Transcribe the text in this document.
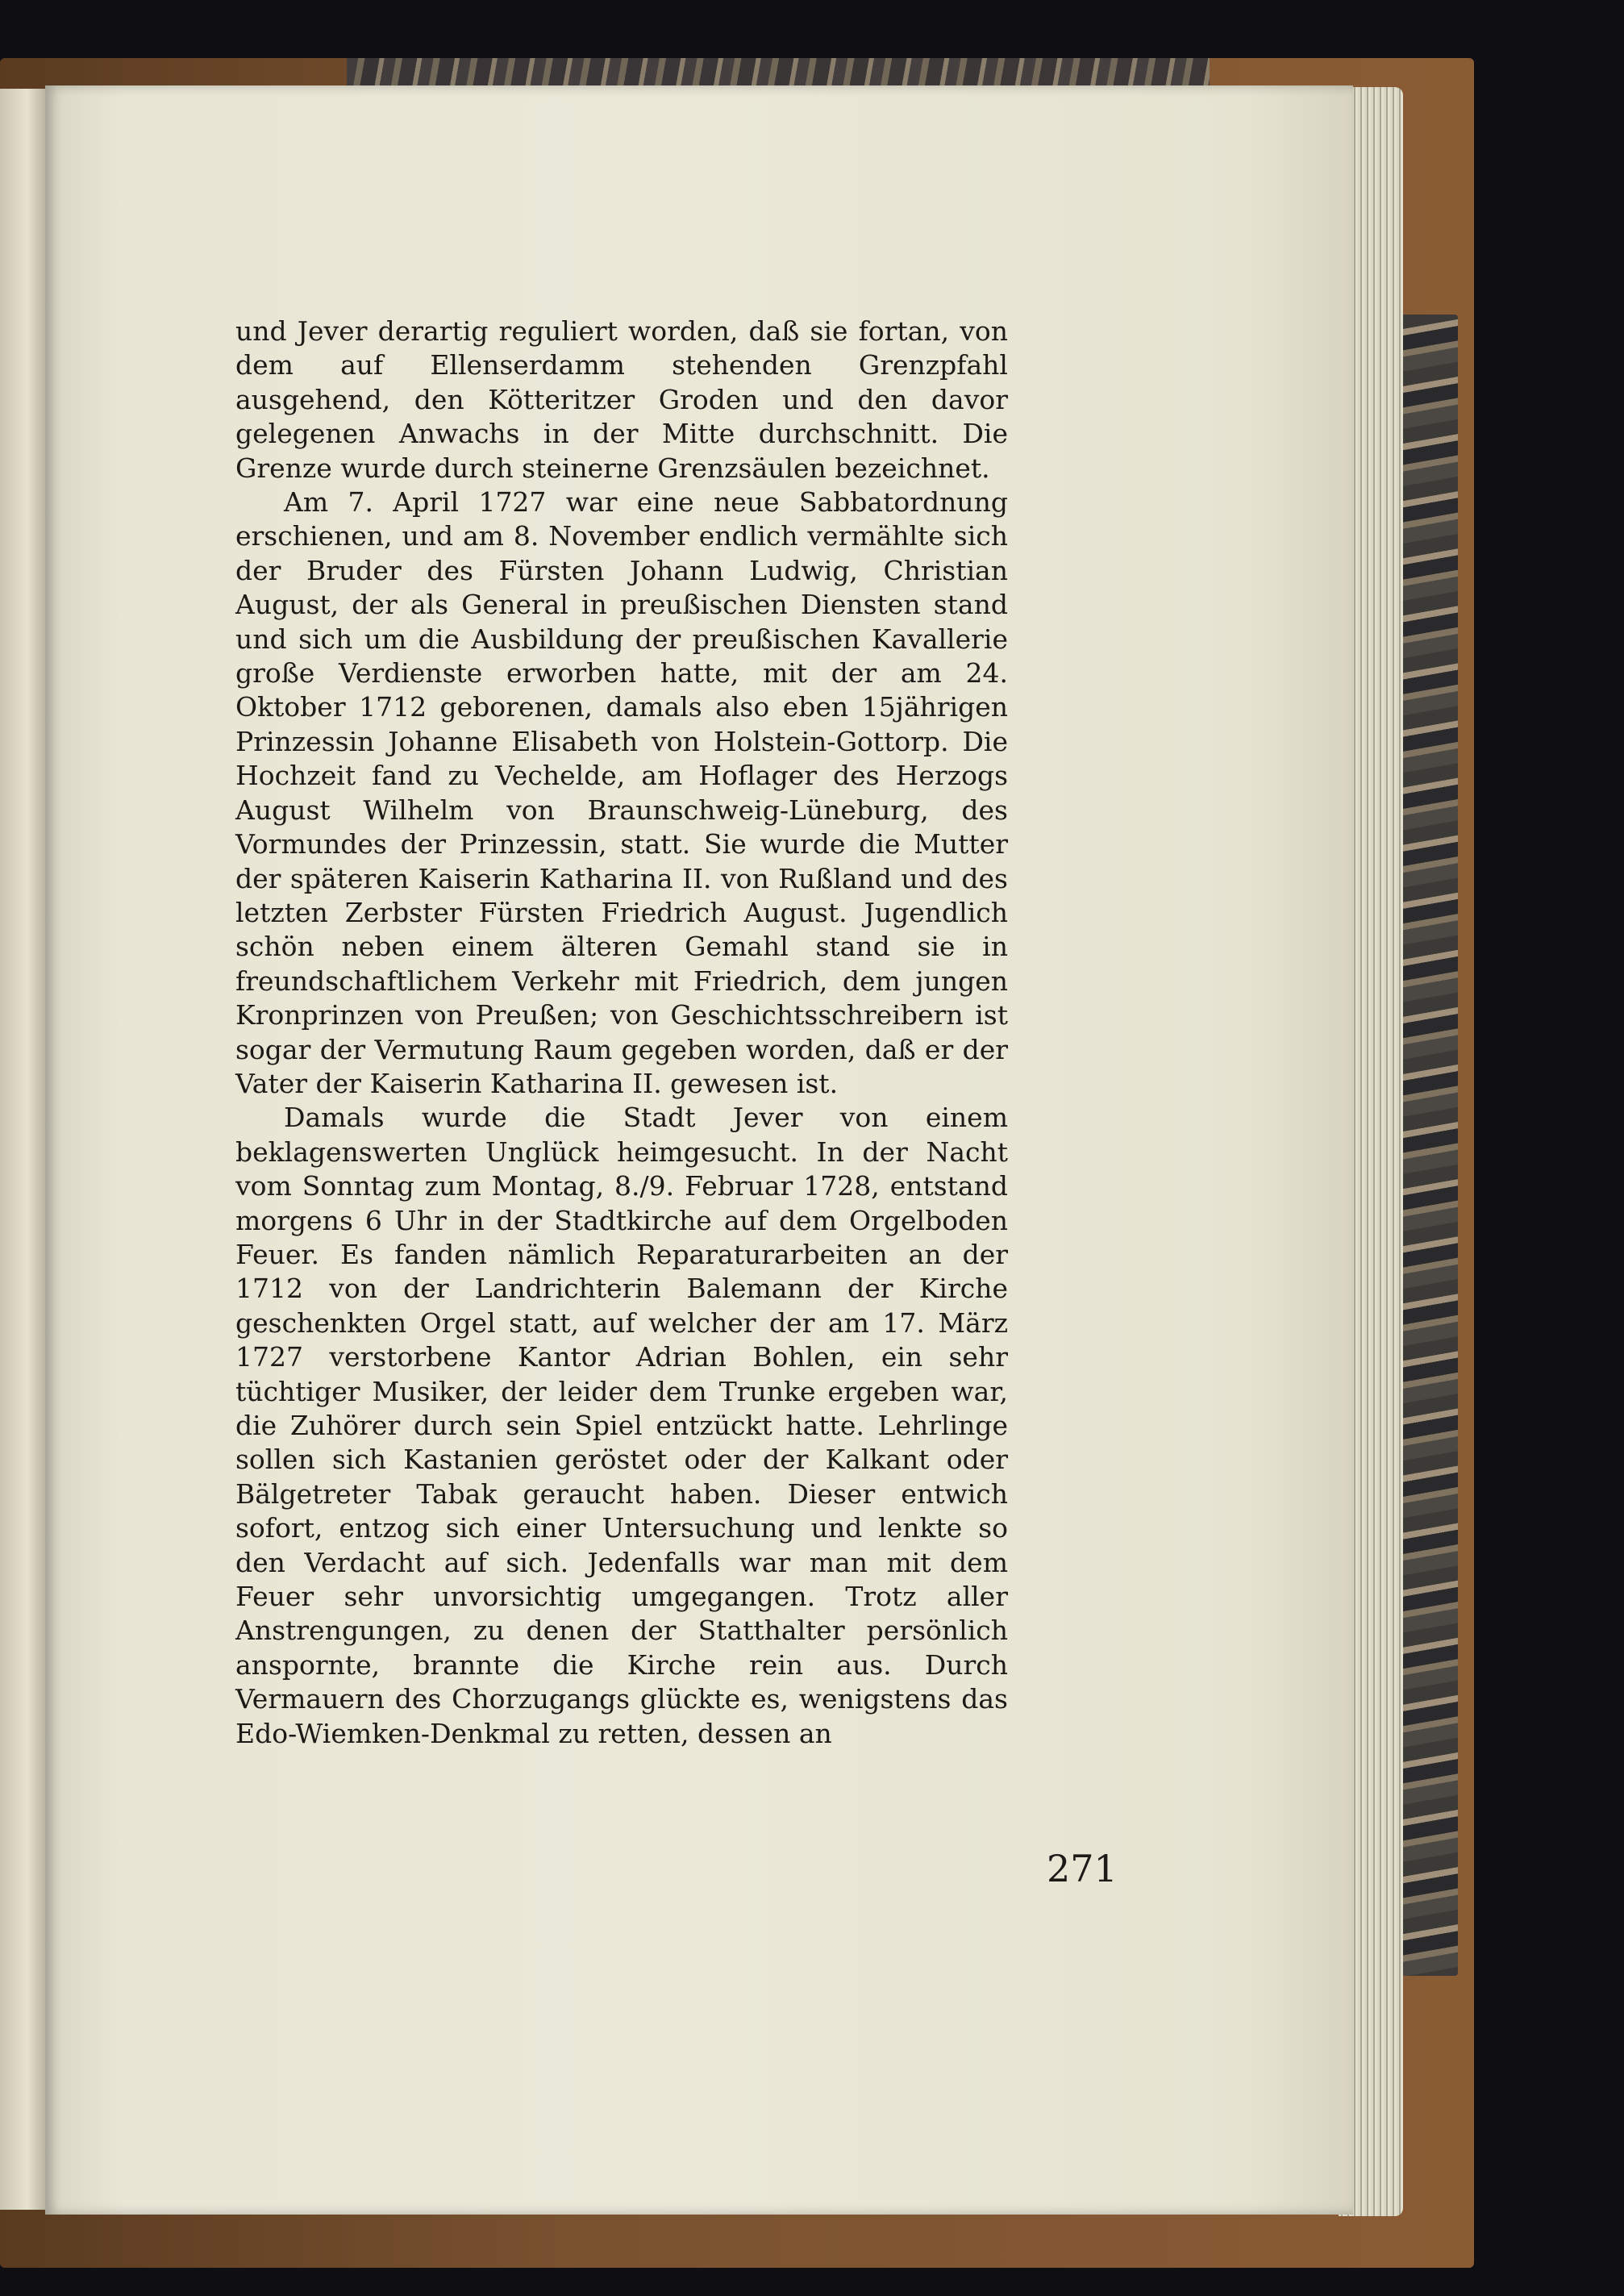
und Jever derartig reguliert worden, daß sie fortan, von dem auf Ellenserdamm stehenden Grenzpfahl ausgehend, den Kötteritzer Groden und den davor gelegenen Anwachs in der Mitte durchschnitt. Die Grenze wurde durch steinerne Grenzsäulen bezeichnet.

Am 7. April 1727 war eine neue Sabbatordnung erschienen, und am 8. November endlich vermählte sich der Bruder des Fürsten Johann Ludwig, Christian August, der als General in preußischen Diensten stand und sich um die Ausbildung der preußischen Kavallerie große Verdienste erworben hatte, mit der am 24. Oktober 1712 geborenen, damals also eben 15jährigen Prinzessin Johanne Elisabeth von Holstein-Gottorp. Die Hochzeit fand zu Vechelde, am Hoflager des Herzogs August Wilhelm von Braunschweig-Lüneburg, des Vormundes der Prinzessin, statt. Sie wurde die Mutter der späteren Kaiserin Katharina II. von Rußland und des letzten Zerbster Fürsten Friedrich August. Jugendlich schön neben einem älteren Gemahl stand sie in freundschaftlichem Verkehr mit Friedrich, dem jungen Kronprinzen von Preußen; von Geschichtsschreibern ist sogar der Vermutung Raum gegeben worden, daß er der Vater der Kaiserin Katharina II. gewesen ist.

Damals wurde die Stadt Jever von einem beklagenswerten Unglück heimgesucht. In der Nacht vom Sonntag zum Montag, 8./9. Februar 1728, entstand morgens 6 Uhr in der Stadtkirche auf dem Orgelboden Feuer. Es fanden nämlich Reparaturarbeiten an der 1712 von der Landrichterin Balemann der Kirche geschenkten Orgel statt, auf welcher der am 17. März 1727 verstorbene Kantor Adrian Bohlen, ein sehr tüchtiger Musiker, der leider dem Trunke ergeben war, die Zuhörer durch sein Spiel entzückt hatte. Lehrlinge sollen sich Kastanien geröstet oder der Kalkant oder Bälgetreter Tabak geraucht haben. Dieser entwich sofort, entzog sich einer Untersuchung und lenkte so den Verdacht auf sich. Jedenfalls war man mit dem Feuer sehr unvorsichtig umgegangen. Trotz aller Anstrengungen, zu denen der Statthalter persönlich anspornte, brannte die Kirche rein aus. Durch Vermauern des Chorzugangs glückte es, wenigstens das Edo-Wiemken-Denkmal zu retten, dessen an

271
